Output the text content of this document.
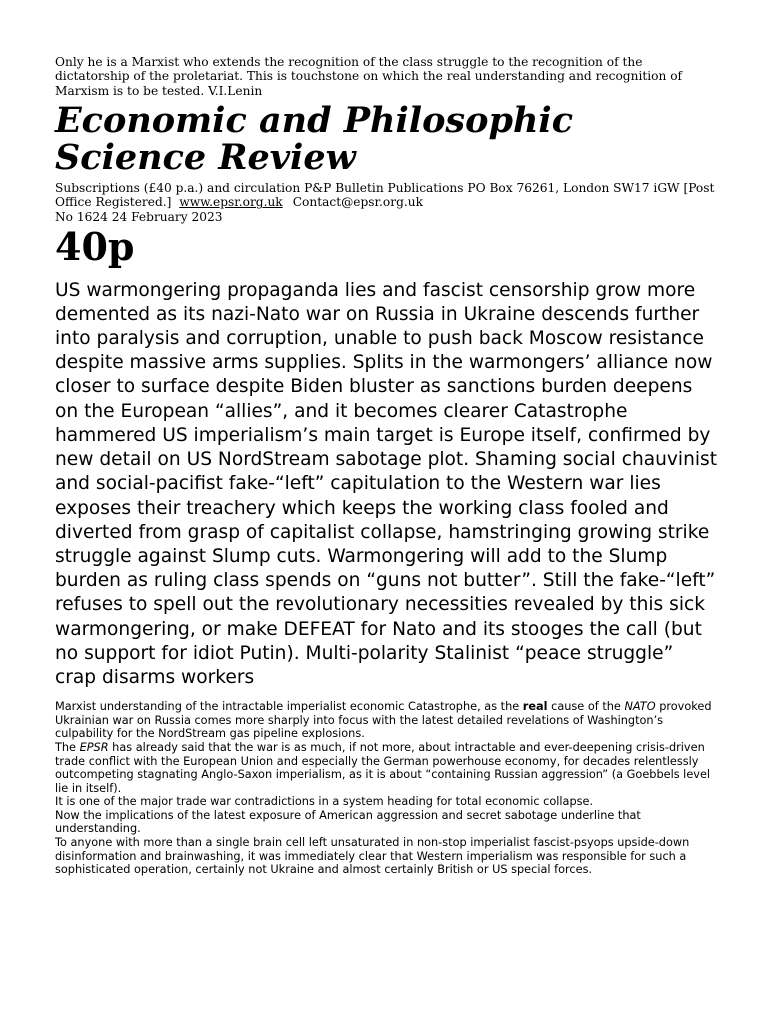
Only he is a Marxist who extends the recognition of the class struggle to the recognition of the dictatorship of the proletariat. This is touchstone on which the real understanding and recognition of Marxism is to be tested. V.I.Lenin

Economic and Philosophic Science Review
Subscriptions (£40 p.a.) and circulation P&P Bulletin Publications PO Box 76261, London SW17 iGW [Post Office Registered.] www.epsr.org.uk Contact@epsr.org.uk
No 1624 24 February 2023
40p

US warmongering propaganda lies and fascist censorship grow more demented as its nazi-Nato war on Russia in Ukraine descends further into paralysis and corruption, unable to push back Moscow resistance despite massive arms supplies. Splits in the warmongers’ alliance now closer to surface despite Biden bluster as sanctions burden deepens on the European “allies”, and it becomes clearer Catastrophe hammered US imperialism’s main target is Europe itself, confirmed by new detail on US NordStream sabotage plot. Shaming social chauvinist and social-pacifist fake-“left” capitulation to the Western war lies exposes their treachery which keeps the working class fooled and diverted from grasp of capitalist collapse, hamstringing growing strike struggle against Slump cuts. Warmongering will add to the Slump burden as ruling class spends on “guns not butter”. Still the fake-“left” refuses to spell out the revolutionary necessities revealed by this sick warmongering, or make DEFEAT for Nato and its stooges the call (but no support for idiot Putin). Multi-polarity Stalinist “peace struggle” crap disarms workers

Marxist understanding of the intractable imperialist economic Catastrophe, as the real cause of the NATO provoked Ukrainian war on Russia comes more sharply into focus with the latest detailed revelations of Washington’s culpability for the NordStream gas pipeline explosions.

The EPSR has already said that the war is as much, if not more, about intractable and ever-deepening crisis-driven trade conflict with the European Union and especially the German powerhouse economy, for decades relentlessly outcompeting stagnating Anglo-Saxon imperialism, as it is about “containing Russian aggression” (a Goebbels level lie in itself).

It is one of the major trade war contradictions in a system heading for total economic collapse.

Now the implications of the latest exposure of American aggression and secret sabotage underline that understanding.

To anyone with more than a single brain cell left unsaturated in non-stop imperialist fascist-psyops upside-down disinformation and brainwashing, it was immediately clear that Western imperialism was responsible for such a sophisticated operation, certainly not Ukraine and almost certainly British or US special forces.
